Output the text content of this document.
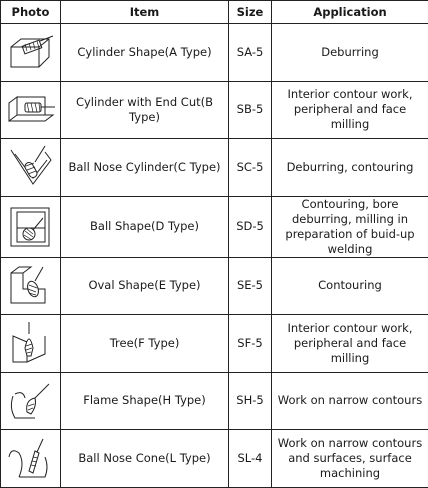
Photo	Item	Size	Application

	Cylinder Shape(A Type)	SA-5	Deburring

	Cylinder with End Cut(B Type)	SB-5	Interior contour work, peripheral and face milling

	Ball Nose Cylinder(C Type)	SC-5	Deburring, contouring

	Ball Shape(D Type)	SD-5	Contouring, bore deburring, milling in preparation of buid-up welding

	Oval Shape(E Type)	SE-5	Contouring

	Tree(F Type)	SF-5	Interior contour work, peripheral and face milling

	Flame Shape(H Type)	SH-5	Work on narrow contours

	Ball Nose Cone(L Type)	SL-4	Work on narrow contours and surfaces, surface machining
